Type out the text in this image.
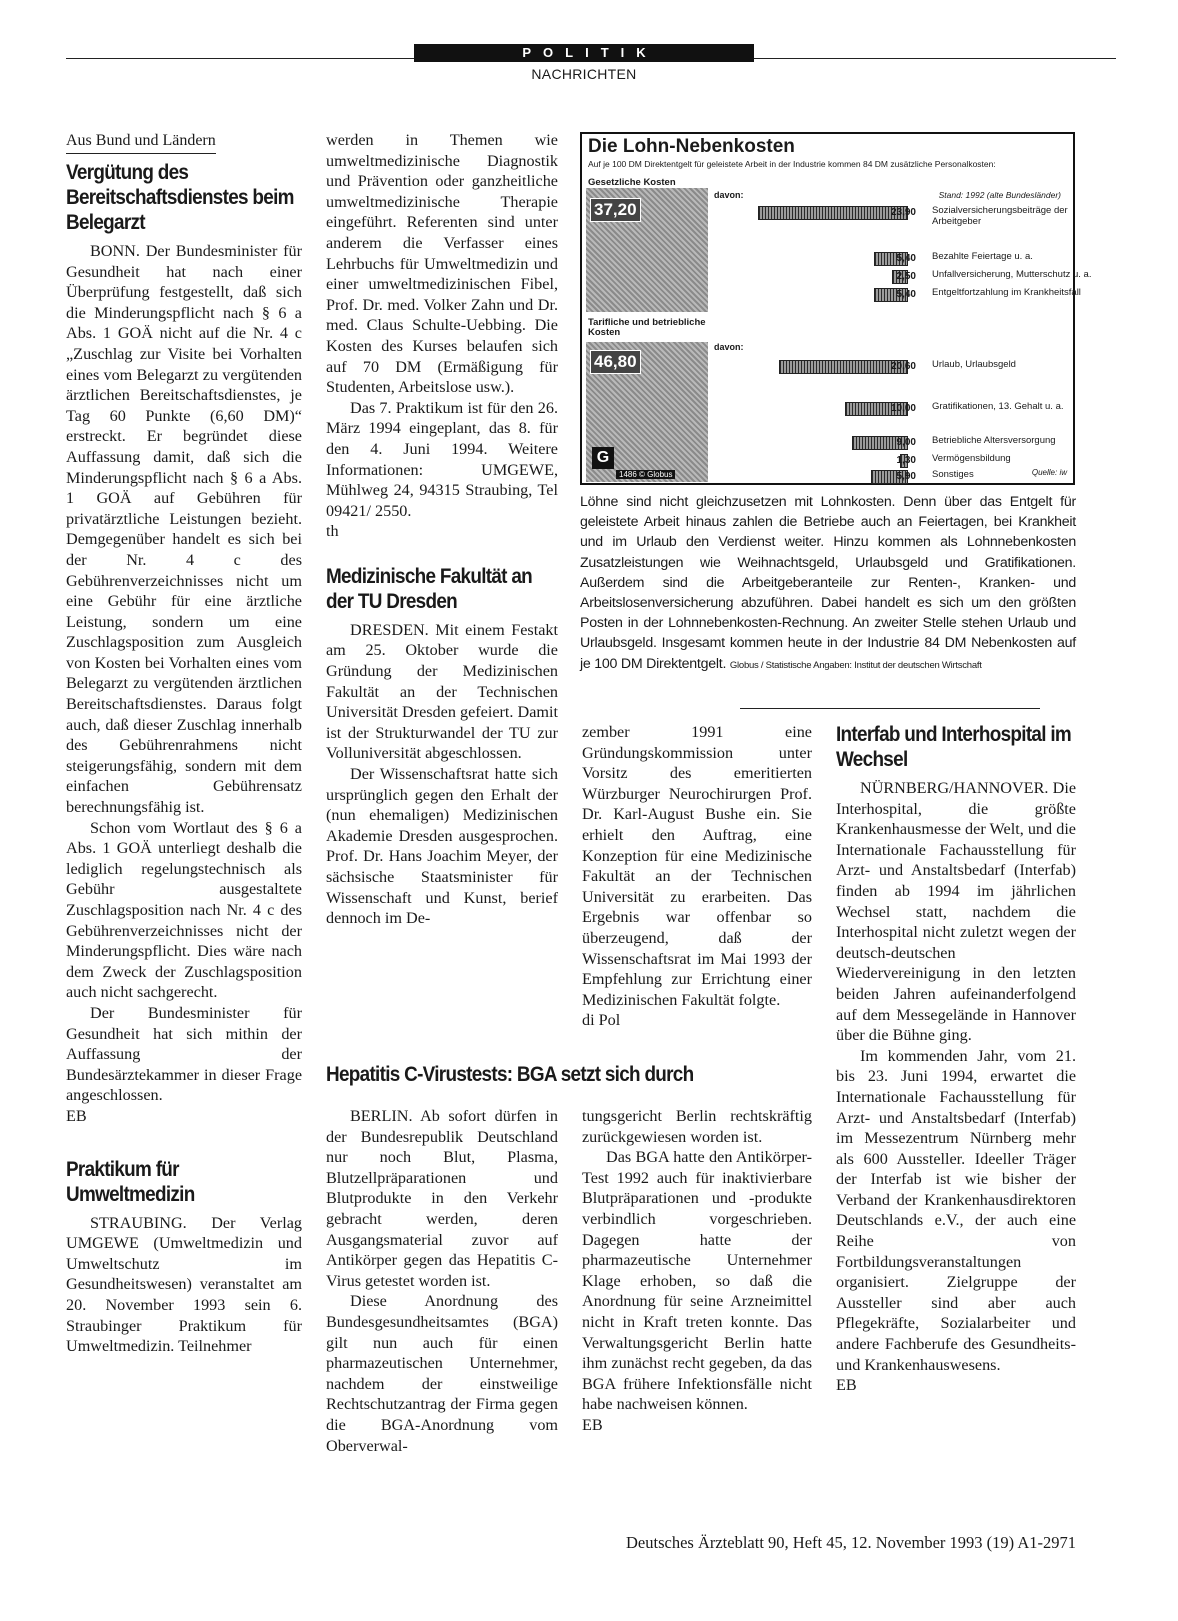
POLITIK
NACHRICHTEN
Aus Bund und Ländern
Vergütung des Bereitschaftsdienstes beim Belegarzt

BONN. Der Bundesminister für Gesundheit hat nach einer Überprüfung festgestellt, daß sich die Minderungspflicht nach § 6 a Abs. 1 GOÄ nicht auf die Nr. 4 c „Zuschlag zur Visite bei Vorhalten eines vom Belegarzt zu vergütenden ärztlichen Bereitschaftsdienstes, je Tag 60 Punkte (6,60 DM)“ erstreckt. Er begründet diese Auffassung damit, daß sich die Minderungspflicht nach § 6 a Abs. 1 GOÄ auf Gebühren für privatärztliche Leistungen bezieht. Demgegenüber handelt es sich bei der Nr. 4 c des Gebührenverzeichnisses nicht um eine Gebühr für eine ärztliche Leistung, sondern um eine Zuschlagsposition zum Ausgleich von Kosten bei Vorhalten eines vom Belegarzt zu vergütenden ärztlichen Bereitschaftsdienstes. Daraus folgt auch, daß dieser Zuschlag innerhalb des Gebührenrahmens nicht steigerungsfähig, sondern mit dem einfachen Gebührensatz berechnungsfähig ist.

Schon vom Wortlaut des § 6 a Abs. 1 GOÄ unterliegt deshalb die lediglich regelungstechnisch als Gebühr ausgestaltete Zuschlagsposition nach Nr. 4 c des Gebührenverzeichnisses nicht der Minderungspflicht. Dies wäre nach dem Zweck der Zuschlagsposition auch nicht sachgerecht.

Der Bundesminister für Gesundheit hat sich mithin der Auffassung der Bundesärztekammer in dieser Frage angeschlossen.

EB

Praktikum für Umweltmedizin

STRAUBING. Der Verlag UMGEWE (Umweltmedizin und Umweltschutz im Gesundheitswesen) veranstaltet am 20. November 1993 sein 6. Straubinger Praktikum für Umweltmedizin. Teilnehmer

werden in Themen wie umweltmedizinische Diagnostik und Prävention oder ganzheitliche umweltmedizinische Therapie eingeführt. Referenten sind unter anderem die Verfasser eines Lehrbuchs für Umweltmedizin und einer umweltmedizinischen Fibel, Prof. Dr. med. Volker Zahn und Dr. med. Claus Schulte-Uebbing. Die Kosten des Kurses belaufen sich auf 70 DM (Ermäßigung für Studenten, Arbeitslose usw.).

Das 7. Praktikum ist für den 26. März 1994 eingeplant, das 8. für den 4. Juni 1994. Weitere Informationen: UMGEWE, Mühlweg 24, 94315 Straubing, Tel 09421/ 2550.

th

Medizinische Fakultät an der TU Dresden

DRESDEN. Mit einem Festakt am 25. Oktober wurde die Gründung der Medizinischen Fakultät an der Technischen Universität Dresden gefeiert. Damit ist der Strukturwandel der TU zur Volluniversität abgeschlossen.

Der Wissenschaftsrat hatte sich ursprünglich gegen den Erhalt der (nun ehemaligen) Medizinischen Akademie Dresden ausgesprochen. Prof. Dr. Hans Joachim Meyer, der sächsische Staatsminister für Wissenschaft und Kunst, berief dennoch im De-

Die Lohn-Nebenkosten
Auf je 100 DM Direktentgelt für geleistete Arbeit in der Industrie kommen 84 DM zusätzliche Personalkosten:
Gesetzliche Kosten
Stand: 1992 (alte Bundesländer)
37,20
davon:
Tarifliche und betriebliche Kosten
46,80
davon:
23,90 Sozialversicherungsbeiträge der Arbeitgeber
5,40 Bezahlte Feiertage u. a.
2,50 Unfallversicherung, Mutterschutz u. a.
5,40 Entgeltfortzahlung im Krankheitsfall
20,60 Urlaub, Urlaubsgeld
10,00 Gratifikationen, 13. Gehalt u. a.
9,00 Betriebliche Altersversorgung
1,30 Vermögensbildung
5,90 Sonstiges
G
1486 © Globus	Quelle: iw
Löhne sind nicht gleichzusetzen mit Lohnkosten. Denn über das Entgelt für geleistete Arbeit hinaus zahlen die Betriebe auch an Feiertagen, bei Krankheit und im Urlaub den Verdienst weiter. Hinzu kommen als Lohnnebenkosten Zusatzleistungen wie Weihnachtsgeld, Urlaubsgeld und Gratifikationen. Außerdem sind die Arbeitgeberanteile zur Renten-, Kranken- und Arbeitslosenversicherung abzuführen. Dabei handelt es sich um den größten Posten in der Lohnnebenkosten-Rechnung. An zweiter Stelle stehen Urlaub und Urlaubsgeld. Insgesamt kommen heute in der Industrie 84 DM Nebenkosten auf je 100 DM Direktentgelt. Globus / Statistische Angaben: Institut der deutschen Wirtschaft

zember 1991 eine Gründungskommission unter Vorsitz des emeritierten Würzburger Neurochirurgen Prof. Dr. Karl-August Bushe ein. Sie erhielt den Auftrag, eine Konzeption für eine Medizinische Fakultät an der Technischen Universität zu erarbeiten. Das Ergebnis war offenbar so überzeugend, daß der Wissenschaftsrat im Mai 1993 der Empfehlung zur Errichtung einer Medizinischen Fakultät folgte.

di Pol

Interfab und Interhospital im Wechsel

NÜRNBERG/HANNOVER. Die Interhospital, die größte Krankenhausmesse der Welt, und die Internationale Fachausstellung für Arzt- und Anstaltsbedarf (Interfab) finden ab 1994 im jährlichen Wechsel statt, nachdem die Interhospital nicht zuletzt wegen der deutsch-deutschen Wiedervereinigung in den letzten beiden Jahren aufeinanderfolgend auf dem Messegelände in Hannover über die Bühne ging.

Im kommenden Jahr, vom 21. bis 23. Juni 1994, erwartet die Internationale Fachausstellung für Arzt- und Anstaltsbedarf (Interfab) im Messezentrum Nürnberg mehr als 600 Aussteller. Ideeller Träger der Interfab ist wie bisher der Verband der Krankenhausdirektoren Deutschlands e.V., der auch eine Reihe von Fortbildungsveranstaltungen organisiert. Zielgruppe der Aussteller sind aber auch Pflegekräfte, Sozialarbeiter und andere Fachberufe des Gesundheits- und Krankenhauswesens.

EB

Hepatitis C-Virustests: BGA setzt sich durch

BERLIN. Ab sofort dürfen in der Bundesrepublik Deutschland nur noch Blut, Plasma, Blutzellpräparationen und Blutprodukte in den Verkehr gebracht werden, deren Ausgangsmaterial zuvor auf Antikörper gegen das Hepatitis C-Virus getestet worden ist.

Diese Anordnung des Bundesgesundheitsamtes (BGA) gilt nun auch für einen pharmazeutischen Unternehmer, nachdem der einstweilige Rechtschutzantrag der Firma gegen die BGA-Anordnung vom Oberverwal-

tungsgericht Berlin rechtskräftig zurückgewiesen worden ist.

Das BGA hatte den Antikörper-Test 1992 auch für inaktivierbare Blutpräparationen und -produkte verbindlich vorgeschrieben. Dagegen hatte der pharmazeutische Unternehmer Klage erhoben, so daß die Anordnung für seine Arzneimittel nicht in Kraft treten konnte. Das Verwaltungsgericht Berlin hatte ihm zunächst recht gegeben, da das BGA frühere Infektionsfälle nicht habe nachweisen können.

EB

Deutsches Ärzteblatt 90, Heft 45, 12. November 1993 (19) A1-2971
